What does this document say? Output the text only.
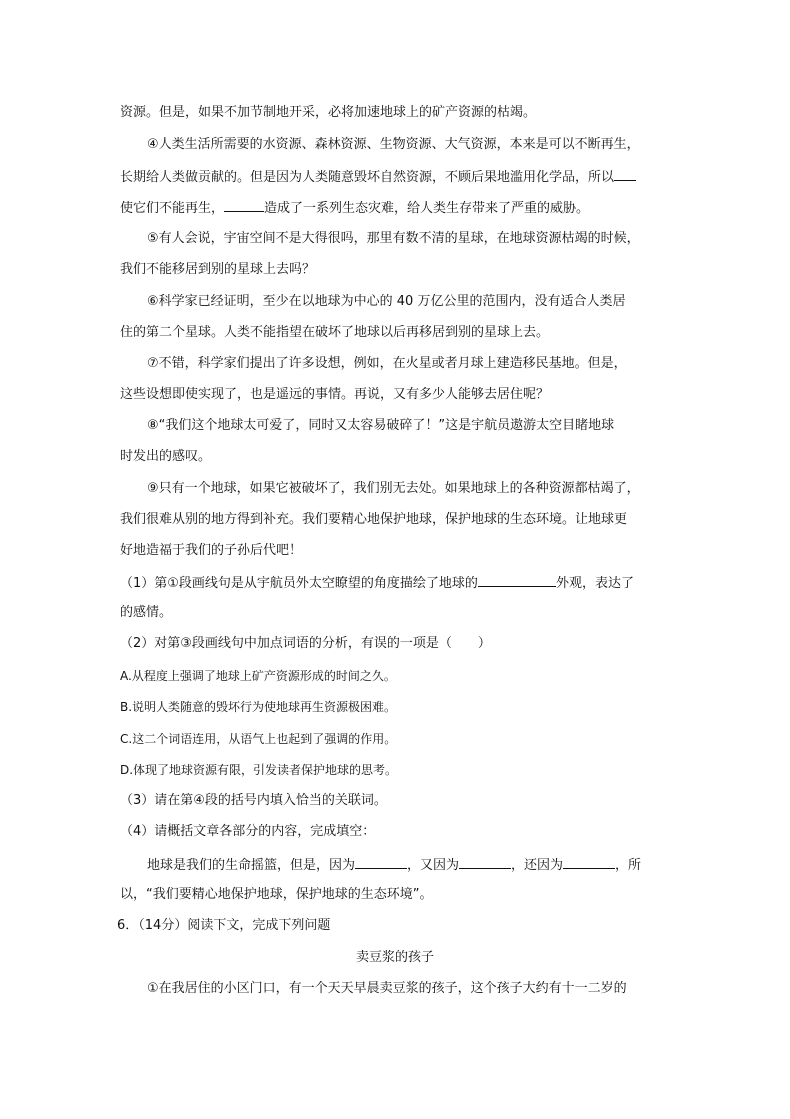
资源。但是，如果不加节制地开采，必将加速地球上的矿产资源的枯竭。
④人类生活所需要的水资源、森林资源、生物资源、大气资源，本来是可以不断再生，
长期给人类做贡献的。但是因为人类随意毁坏自然资源，不顾后果地滥用化学品，所以
使它们不能再生，	造成了一系列生态灾难，给人类生存带来了严重的威胁。
⑤有人会说，宇宙空间不是大得很吗，那里有数不清的星球，在地球资源枯竭的时候，
我们不能移居到别的星球上去吗？
⑥科学家已经证明，至少在以地球为中心的 40 万亿公里的范围内，没有适合人类居
住的第二个星球。人类不能指望在破坏了地球以后再移居到别的星球上去。
⑦不错，科学家们提出了许多设想，例如，在火星或者月球上建造移民基地。但是，
这些设想即使实现了，也是遥远的事情。再说，又有多少人能够去居住呢？
⑧“我们这个地球太可爱了，同时又太容易破碎了！”这是宇航员遨游太空目睹地球
时发出的感叹。
⑨只有一个地球，如果它被破坏了，我们别无去处。如果地球上的各种资源都枯竭了，
我们很难从别的地方得到补充。我们要精心地保护地球，保护地球的生态环境。让地球更
好地造福于我们的子孙后代吧！
（1）第①段画线句是从宇航员外太空瞭望的角度描绘了地球的	外观，表达了
的感情。
（2）对第③段画线句中加点词语的分析，有误的一项是（　　）
A.从程度上强调了地球上矿产资源形成的时间之久。
B.说明人类随意的毁坏行为使地球再生资源极困难。
C.这二个词语连用，从语气上也起到了强调的作用。
D.体现了地球资源有限，引发读者保护地球的思考。
（3）请在第④段的括号内填入恰当的关联词。
（4）请概括文章各部分的内容，完成填空：
地球是我们的生命摇篮，但是，因为	，又因为	，还因为	，所
以，“我们要精心地保护地球，保护地球的生态环境”。
6．（14分）阅读下文，完成下列问题
卖豆浆的孩子
①在我居住的小区门口，有一个天天早晨卖豆浆的孩子，这个孩子大约有十一二岁的
